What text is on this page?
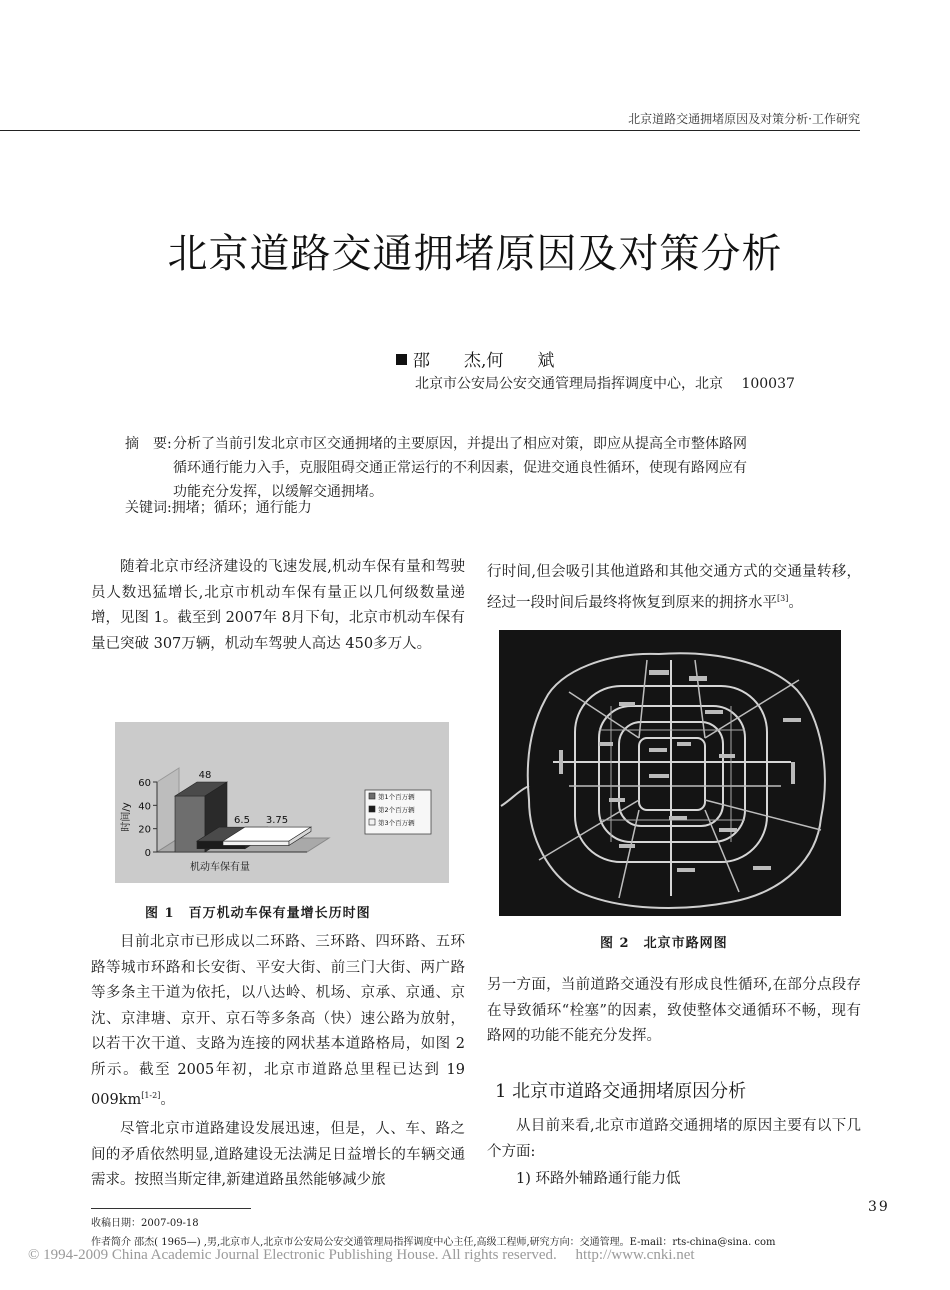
北京道路交通拥堵原因及对策分析·工作研究
北京道路交通拥堵原因及对策分析
邵　　杰,何　　斌
北京市公安局公安交通管理局指挥调度中心，北京　 100037
摘　要:分析了当前引发北京市区交通拥堵的主要原因，并提出了相应对策，即应从提高全市整体路网
循环通行能力入手，克服阻碍交通正常运行的不利因素，促进交通良性循环，使现有路网应有
功能充分发挥，以缓解交通拥堵。
关键词:拥堵；循环；通行能力

随着北京市经济建设的飞速发展,机动车保有量和驾驶员人数迅猛增长,北京市机动车保有量正以几何级数量递增，见图 1。截至到 2007年 8月下旬，北京市机动车保有量已突破 307万辆，机动车驾驶人高达 450多万人。

0
20
40
60
时间/y
48
6.5 3.75
机动车保有量
第1个百万辆
第2个百万辆
第3个百万辆
图 1　百万机动车保有量增长历时图

目前北京市已形成以二环路、三环路、四环路、五环路等城市环路和长安街、平安大街、前三门大街、两广路等多条主干道为依托，以八达岭、机场、京承、京通、京沈、京津塘、京开、京石等多条高（快）速公路为放射，以若干次干道、支路为连接的网状基本道路格局，如图 2所示。截至 2005年初，北京市道路总里程已达到 19 009km[1-2]。

尽管北京市道路建设发展迅速，但是，人、车、路之间的矛盾依然明显,道路建设无法满足日益增长的车辆交通需求。按照当斯定律,新建道路虽然能够减少旅

行时间,但会吸引其他道路和其他交通方式的交通量转移，经过一段时间后最终将恢复到原来的拥挤水平[3]。

图 2　北京市路网图

另一方面，当前道路交通没有形成良性循环,在部分点段存在导致循环“栓塞”的因素，致使整体交通循环不畅，现有路网的功能不能充分发挥。

1 北京市道路交通拥堵原因分析

从目前来看,北京市道路交通拥堵的原因主要有以下几个方面:

1) 环路外辅路通行能力低

39
收稿日期：2007-09-18
作者简介 邵杰( 1965—) ,男,北京市人,北京市公安局公安交通管理局指挥调度中心主任,高级工程师,研究方向：交通管理。E-mail：rts-china@sina. com
© 1994-2009 China Academic Journal Electronic Publishing House. All rights reserved.　 http://www.cnki.net
